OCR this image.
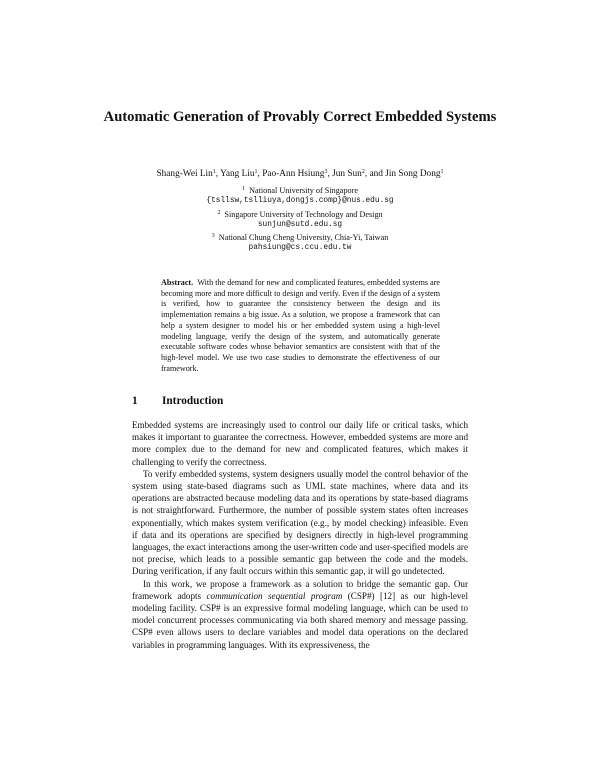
Automatic Generation of Provably Correct Embedded Systems
Shang-Wei Lin$^1$, Yang Liu$^1$, Pao-Ann Hsiung$^3$, Jun Sun$^2$, and Jin Song Dong$^1$
$^1$ National University of Singapore
{tsllsw,tslliuya,dongjs.comp}@nus.edu.sg
$^2$ Singapore University of Technology and Design
sunjun@sutd.edu.sg
$^3$ National Chung Cheng University, Chia-Yi, Taiwan
pahsiung@cs.ccu.edu.tw
Abstract. With the demand for new and complicated features, embedded systems are becoming more and more difficult to design and verify. Even if the design of a system is verified, how to guarantee the consistency between the design and its implementation remains a big issue. As a solution, we propose a framework that can help a system designer to model his or her embedded system using a high-level modeling language, verify the design of the system, and automatically generate executable software codes whose behavior semantics are consistent with that of the high-level model. We use two case studies to demonstrate the effectiveness of our framework.
1 Introduction

Embedded systems are increasingly used to control our daily life or critical tasks, which makes it important to guarantee the correctness. However, embedded systems are more and more complex due to the demand for new and complicated features, which makes it challenging to verify the correctness.

To verify embedded systems, system designers usually model the control behavior of the system using state-based diagrams such as UML state machines, where data and its operations are abstracted because modeling data and its operations by state-based diagrams is not straightforward. Furthermore, the number of possible system states often increases exponentially, which makes system verification (e.g., by model checking) infeasible. Even if data and its operations are specified by designers directly in high-level programming languages, the exact interactions among the user-written code and user-specified models are not precise, which leads to a possible semantic gap between the code and the models. During verification, if any fault occurs within this semantic gap, it will go undetected.

In this work, we propose a framework as a solution to bridge the semantic gap. Our framework adopts communication sequential program (CSP#) [12] as our high-level modeling facility. CSP# is an expressive formal modeling language, which can be used to model concurrent processes communicating via both shared memory and message passing. CSP# even allows users to declare variables and model data operations on the declared variables in programming languages. With its expressiveness, the
